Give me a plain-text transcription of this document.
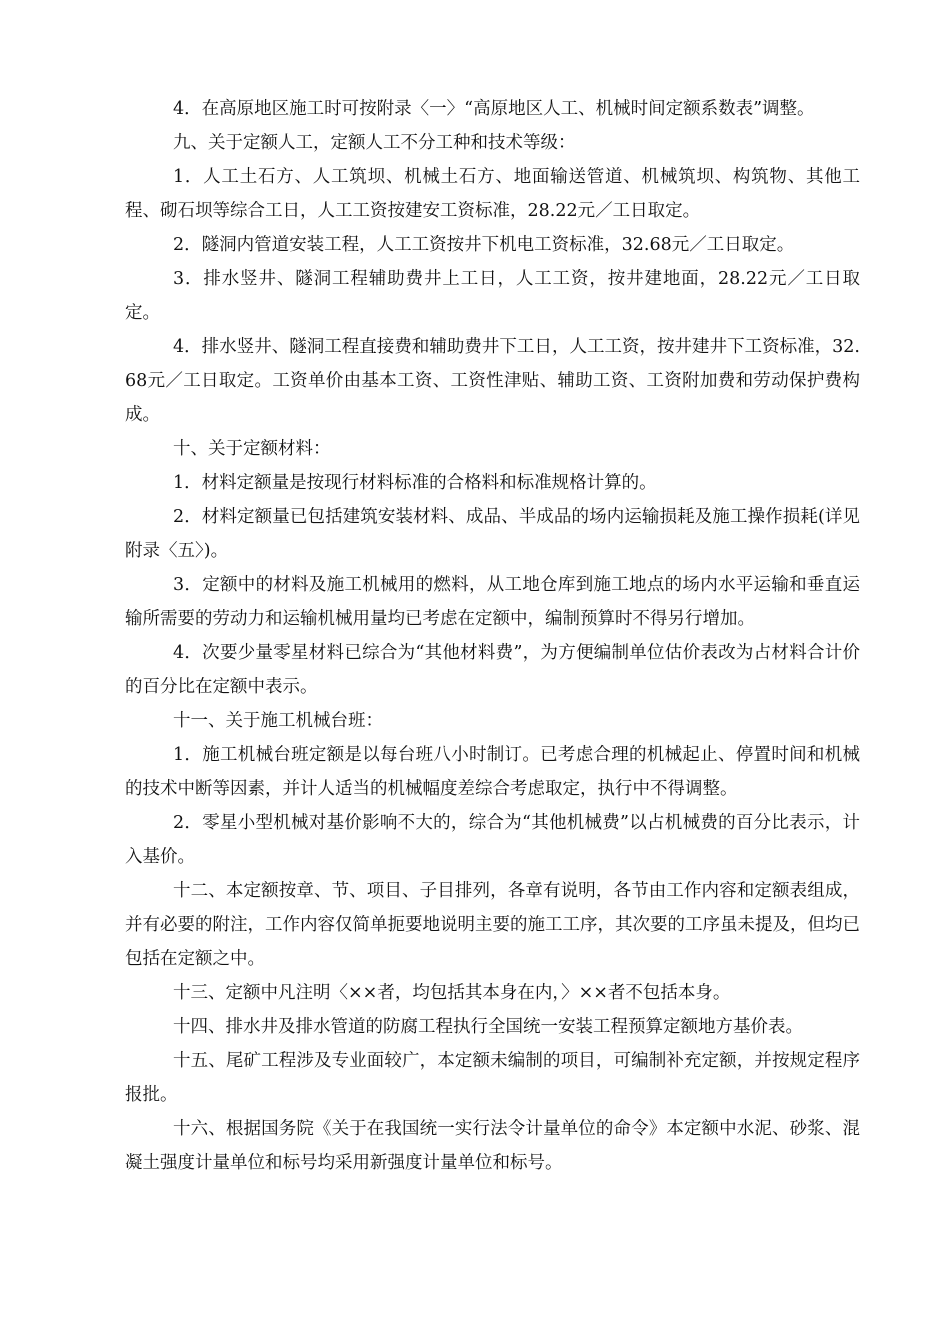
4．在高原地区施工时可按附录〈一〉“高原地区人工、机械时间定额系数表”调整。

九、关于定额人工，定额人工不分工种和技术等级：

1．人工土石方、人工筑坝、机械土石方、地面输送管道、机械筑坝、构筑物、其他工程、砌石坝等综合工日，人工工资按建安工资标准，28.22元／工日取定。

2．隧洞内管道安装工程，人工工资按井下机电工资标准，32.68元／工日取定。

3．排水竖井、隧洞工程辅助费井上工日，人工工资，按井建地面，28.22元／工日取定。

4．排水竖井、隧洞工程直接费和辅助费井下工日，人工工资，按井建井下工资标准，32.68元／工日取定。工资单价由基本工资、工资性津贴、辅助工资、工资附加费和劳动保护费构成。

十、关于定额材料：

1．材料定额量是按现行材料标准的合格料和标准规格计算的。

2．材料定额量已包括建筑安装材料、成品、半成品的场内运输损耗及施工操作损耗(详见附录〈五〉)。

3．定额中的材料及施工机械用的燃料，从工地仓库到施工地点的场内水平运输和垂直运输所需要的劳动力和运输机械用量均已考虑在定额中，编制预算时不得另行增加。

4．次要少量零星材料已综合为“其他材料费”，为方便编制单位估价表改为占材料合计价的百分比在定额中表示。

十一、关于施工机械台班：

1．施工机械台班定额是以每台班八小时制订。已考虑合理的机械起止、停置时间和机械的技术中断等因素，并计人适当的机械幅度差综合考虑取定，执行中不得调整。

2．零星小型机械对基价影响不大的，综合为“其他机械费”以占机械费的百分比表示，计入基价。

十二、本定额按章、节、项目、子目排列，各章有说明，各节由工作内容和定额表组成，并有必要的附注，工作内容仅简单扼要地说明主要的施工工序，其次要的工序虽未提及，但均已包括在定额之中。

十三、定额中凡注明〈××者，均包括其本身在内，〉××者不包括本身。

十四、排水井及排水管道的防腐工程执行全国统一安装工程预算定额地方基价表。

十五、尾矿工程涉及专业面较广，本定额未编制的项目，可编制补充定额，并按规定程序报批。

十六、根据国务院《关于在我国统一实行法令计量单位的命令》本定额中水泥、砂浆、混凝土强度计量单位和标号均采用新强度计量单位和标号。
